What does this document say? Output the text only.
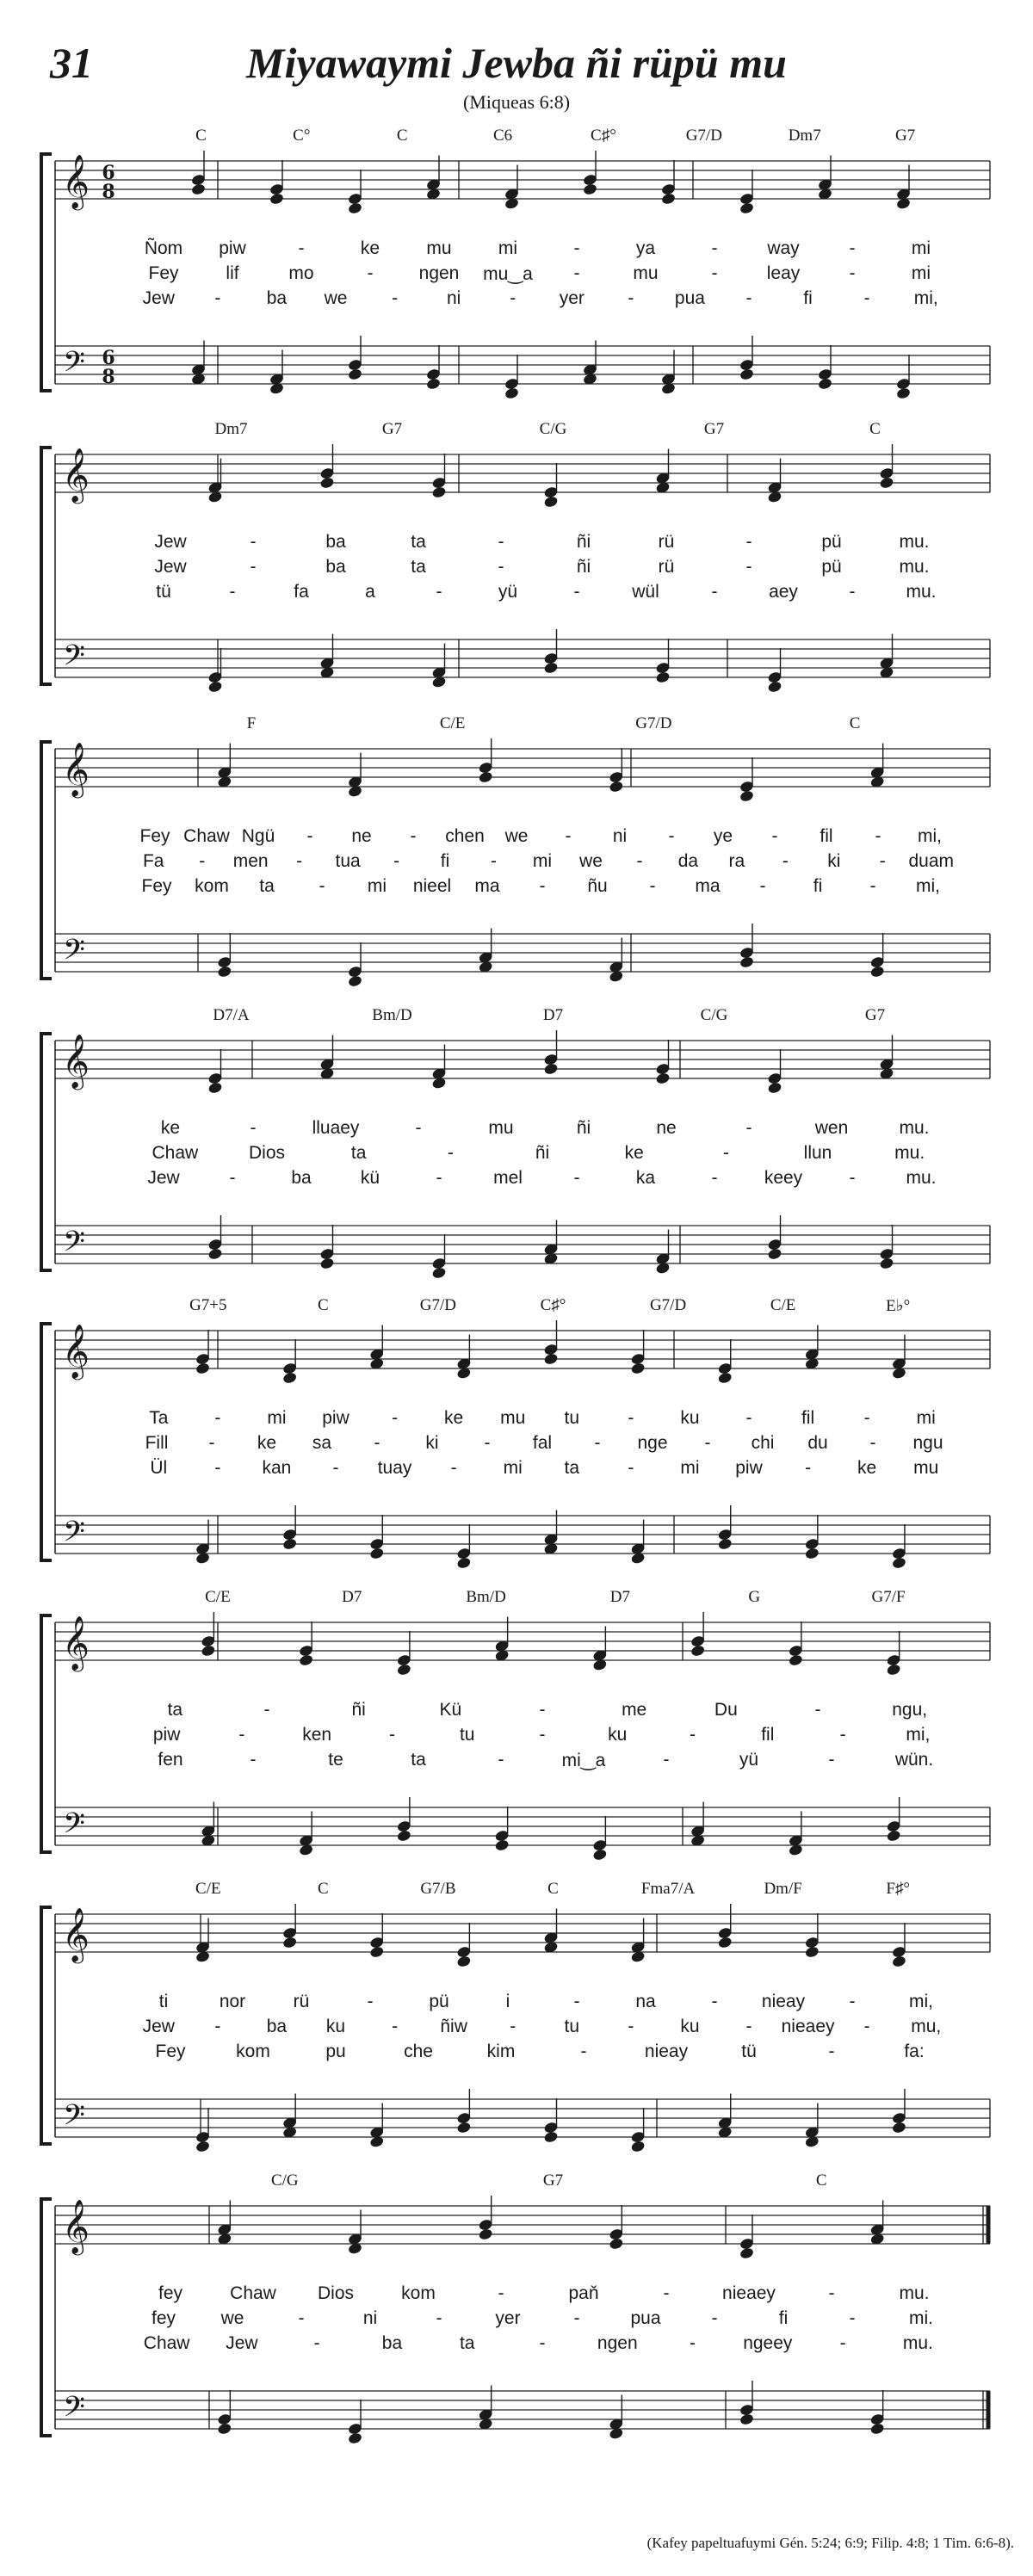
𝄞
𝄢
6
8
6
8
𝄞
𝄢
𝄞
𝄢
𝄞
𝄢
𝄞
𝄢
𝄞
𝄢
𝄞
𝄢
𝄞
𝄢
31	Miyawaymi Jewba ñi rüpü mu
(Miqueas 6:8)
C	C°	C	C6	C♯°	G7/D	Dm7	G7
Ñom piw	-	ke	mu	mi	-	ya	-	way	-	mi
Fey	lif	mo	-	ngen mu‿a -	mu	-	leay	-	mi
Jew -	ba we -	ni	- yer - pua -	fi	- mi,
Dm7	G7	C/G	G7	C
Jew	-	ba	ta	-	ñi	rü	-	pü	mu.
Jew	-	ba	ta	-	ñi	rü	-	pü	mu.
tü	-	fa	a	-	yü	-	wül	-	aey	-	mu.
F	C/E	G7/D	C
Fey Chaw Ngü - ne - chen we - ni - ye - fil - mi,
Fa - men - tua - fi - mi we - da ra - ki - duam
Fey kom ta - mi nieel ma - ñu - ma -	fi	- mi,
D7/A	Bm/D	D7	C/G	G7
ke	-	lluaey	-	mu	ñi	ne	-	wen	mu.
Chaw	Dios	ta	-	ñi	ke	-	llun	mu.
Jew	-	ba	kü	-	mel	-	ka	-	keey	-	mu.
G7+5	C	G7/D	C♯°	G7/D	C/E	E♭°
Ta	-	mi piw -	ke mu tu	-	ku	-	fil	-	mi
Fill - ke sa -	ki	- fal - nge - chi du - ngu
Ül	- kan - tuay -	mi ta	-	mi piw -	ke mu
C/E	D7	Bm/D	D7	G	G7/F
ta	-	ñi	Kü	-	me	Du	-	ngu,
piw	-	ken	-	tu	-	ku	-	fil	-	mi,
fen	-	te	ta	-	mi‿a	-	yü	-	wün.
C/E	C	G7/B	C	Fma7/A	Dm/F	F♯°
ti	nor	rü	-	pü	i	-	na	- nieay -	mi,
Jew -	ba ku	- ñiw -	tu	-	ku	- nieaey - mu,
Fey	kom	pu	che	kim	-	nieay	tü	-	fa:
C/G	G7	C
fey	Chaw Dios	kom	-	paň	-	nieaey	-	mu.
fey	we	-	ni	-	yer	-	pua	-	fi	-	mi.
Chaw Jew	-	ba	ta	-	ngen	-	ngeey	-	mu.
(Kafey papeltuafuymi Gén. 5:24; 6:9; Filip. 4:8; 1 Tim. 6:6-8).
